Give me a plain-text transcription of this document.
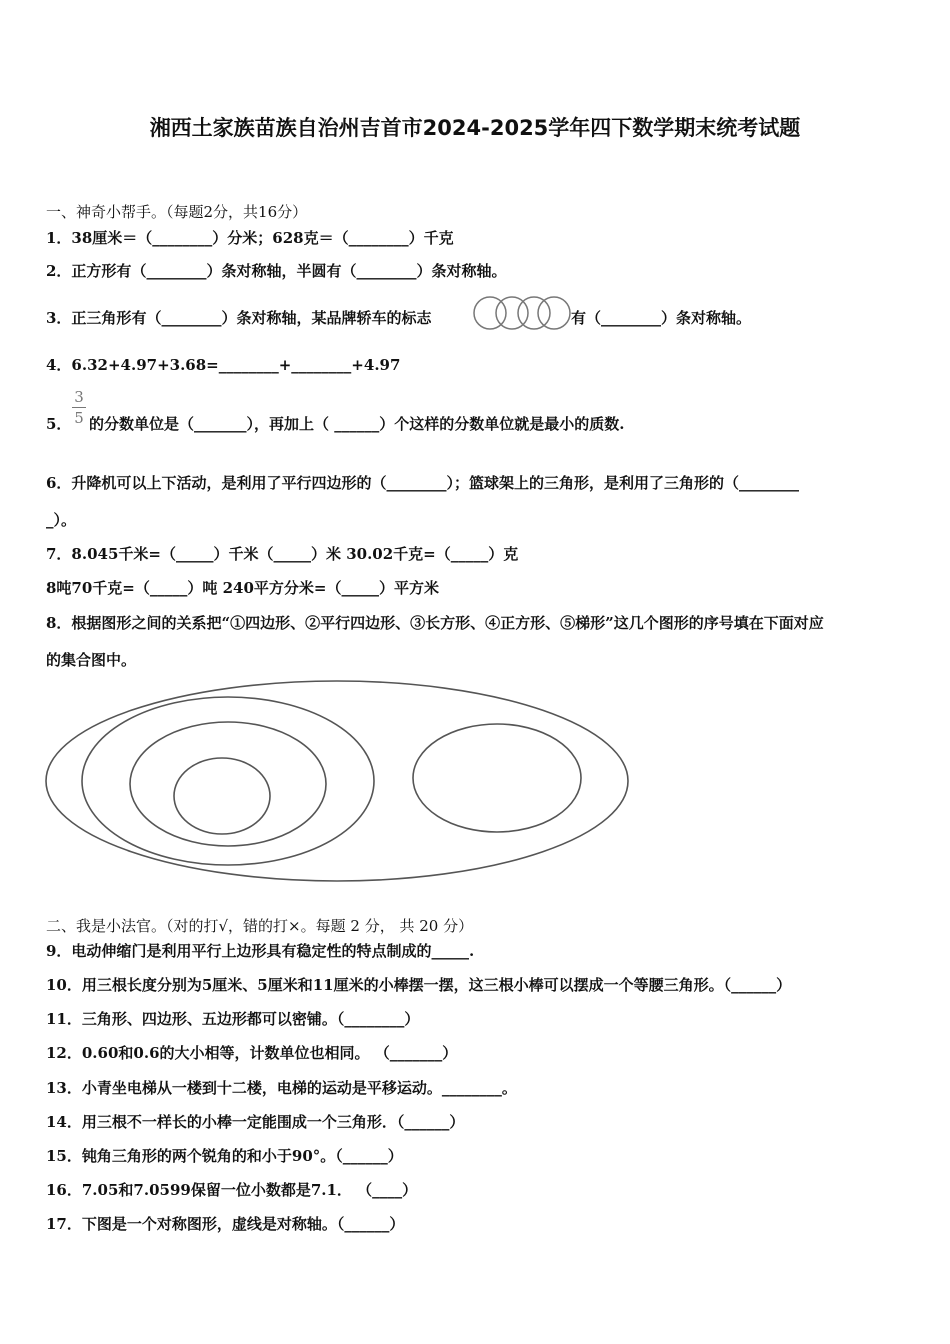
湘西土家族苗族自治州吉首市2024-2025学年四下数学期末统考试题
一、神奇小帮手。（每题2分，共16分）
1．38厘米＝（________）分米；628克＝（________）千克
2．正方形有（________）条对称轴，半圆有（________）条对称轴。
3．正三角形有（________）条对称轴，某品牌轿车的标志	有（________）条对称轴。
4．6.32+4.97+3.68=________+________+4.97
5．
3
5 的分数单位是（_______），再加上（ ______）个这样的分数单位就是最小的质数.
6．升降机可以上下活动，是利用了平行四边形的（________）；篮球架上的三角形，是利用了三角形的（________
_）。
7．8.045千米=（_____）千米（_____）米 30.02千克=（_____）克
8吨70千克=（_____）吨 240平方分米=（_____）平方米
8．根据图形之间的关系把“①四边形、②平行四边形、③长方形、④正方形、⑤梯形”这几个图形的序号填在下面对应
的集合图中。
二、我是小法官。（对的打√，错的打×。每题 2 分， 共 20 分）
9．电动伸缩门是利用平行上边形具有稳定性的特点制成的_____.
10．用三根长度分别为5厘米、5厘米和11厘米的小棒摆一摆，这三根小棒可以摆成一个等腰三角形。（______）
11．三角形、四边形、五边形都可以密铺。（________）
12．0.60和0.6的大小相等，计数单位也相同。 （_______）
13．小青坐电梯从一楼到十二楼，电梯的运动是平移运动。________。
14．用三根不一样长的小棒一定能围成一个三角形．（______）
15．钝角三角形的两个锐角的和小于90°。（______）
16．7.05和7.0599保留一位小数都是7.1． （____）
17．下图是一个对称图形，虚线是对称轴。（______）
